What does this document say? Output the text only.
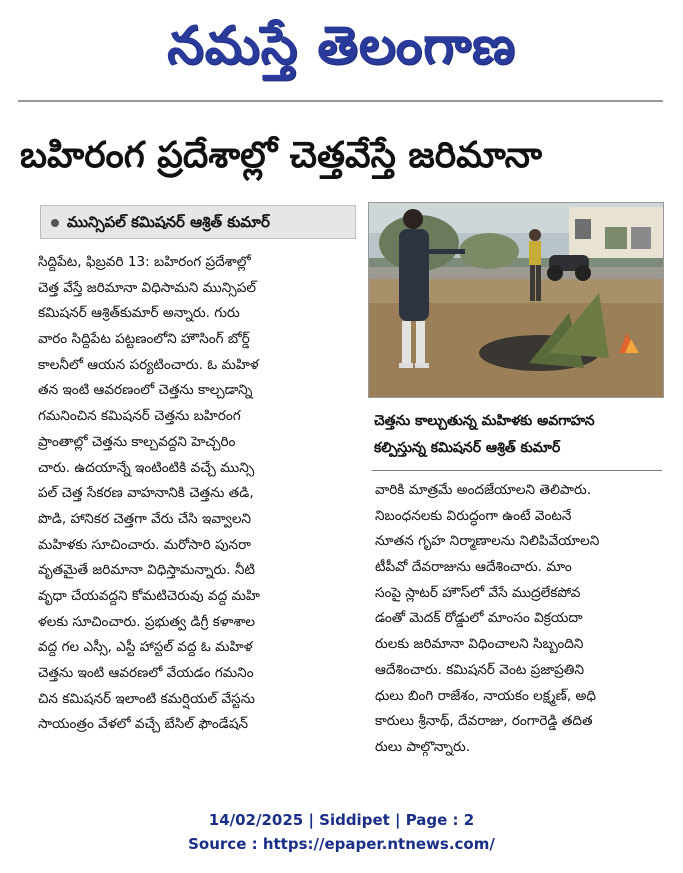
నమస్తే తెలంగాణ
బహిరంగ ప్రదేశాల్లో చెత్తవేస్తే జరిమానా
మున్సిపల్ కమిషనర్ ఆశ్రిత్ కుమార్
సిద్దిపేట, ఫిబ్రవరి 13: బహిరంగ ప్రదేశాల్లో
చెత్త వేస్తే జరిమానా విధిసామని మున్సిపల్
కమిషనర్ ఆశ్రిత్‌కుమార్ అన్నారు. గురు
వారం సిద్దిపేట పట్టణంలోని హౌసింగ్ బోర్డ్
కాలనీలో ఆయన పర్యటించారు. ఓ మహిళ
తన ఇంటి ఆవరణంలో చెత్తను కాల్చడాన్ని
గమనించిన కమిషనర్ చెత్తను బహిరంగ
ప్రాంతాల్లో చెత్తను కాల్చవద్దని హెచ్చరిం
చారు. ఉదయాన్నే ఇంటింటికి వచ్చే మున్సి
పల్ చెత్త సేకరణ వాహనానికి చెత్తను తడి,
పొడి, హానికర చెత్తగా వేరు చేసి ఇవ్వాలని
మహిళకు సూచించారు. మరోసారి పునరా
వృతమైతే జరిమానా విధిస్తామన్నారు. నీటి
వృధా చేయవద్దని కోమటిచెరువు వద్ద మహి
ళలకు సూచించారు. ప్రభుత్వ డిగ్రీ కళాశాల
వద్ద గల ఎస్సీ, ఎస్టీ హాస్టల్ వద్ద ఓ మహిళ
చెత్తను ఇంటి ఆవరణలో వేయడం గమనిం
చిన కమిషనర్ ఇలాంటి కమర్షియల్ వేస్టను
సాయంత్రం వేళలో వచ్చే బేసిల్ ఫౌండేషన్
చెత్తను కాల్చుతున్న మహిళకు అవగాహన
కల్పిస్తున్న కమిషనర్ ఆశ్రిత్ కుమార్
వారికి మాత్రమే అందజేయాలని తెలిపారు.
నిబంధనలకు విరుద్ధంగా ఉంటే వెంటనే
నూతన గృహ నిర్మాణాలను నిలిపివేయాలని
టీపీవో దేవరాజును ఆదేశించారు. మాం
సంపై స్లాటర్ హౌస్‌లో వేసే ముద్రలేకపోవ
డంతో మెదక్ రోడ్డులో మాంసం విక్రయదా
రులకు జరిమానా విధించాలని సిబ్బందిని
ఆదేశించారు. కమిషనర్ వెంట ప్రజాప్రతిని
ధులు బింగి రాజేశం, నాయకం లక్ష్మణ్, అధి
కారులు శ్రీనాథ్, దేవరాజు, రంగారెడ్డి తదిత
రులు పాల్గొన్నారు.
14/02/2025 | Siddipet | Page : 2
Source : https://epaper.ntnews.com/
